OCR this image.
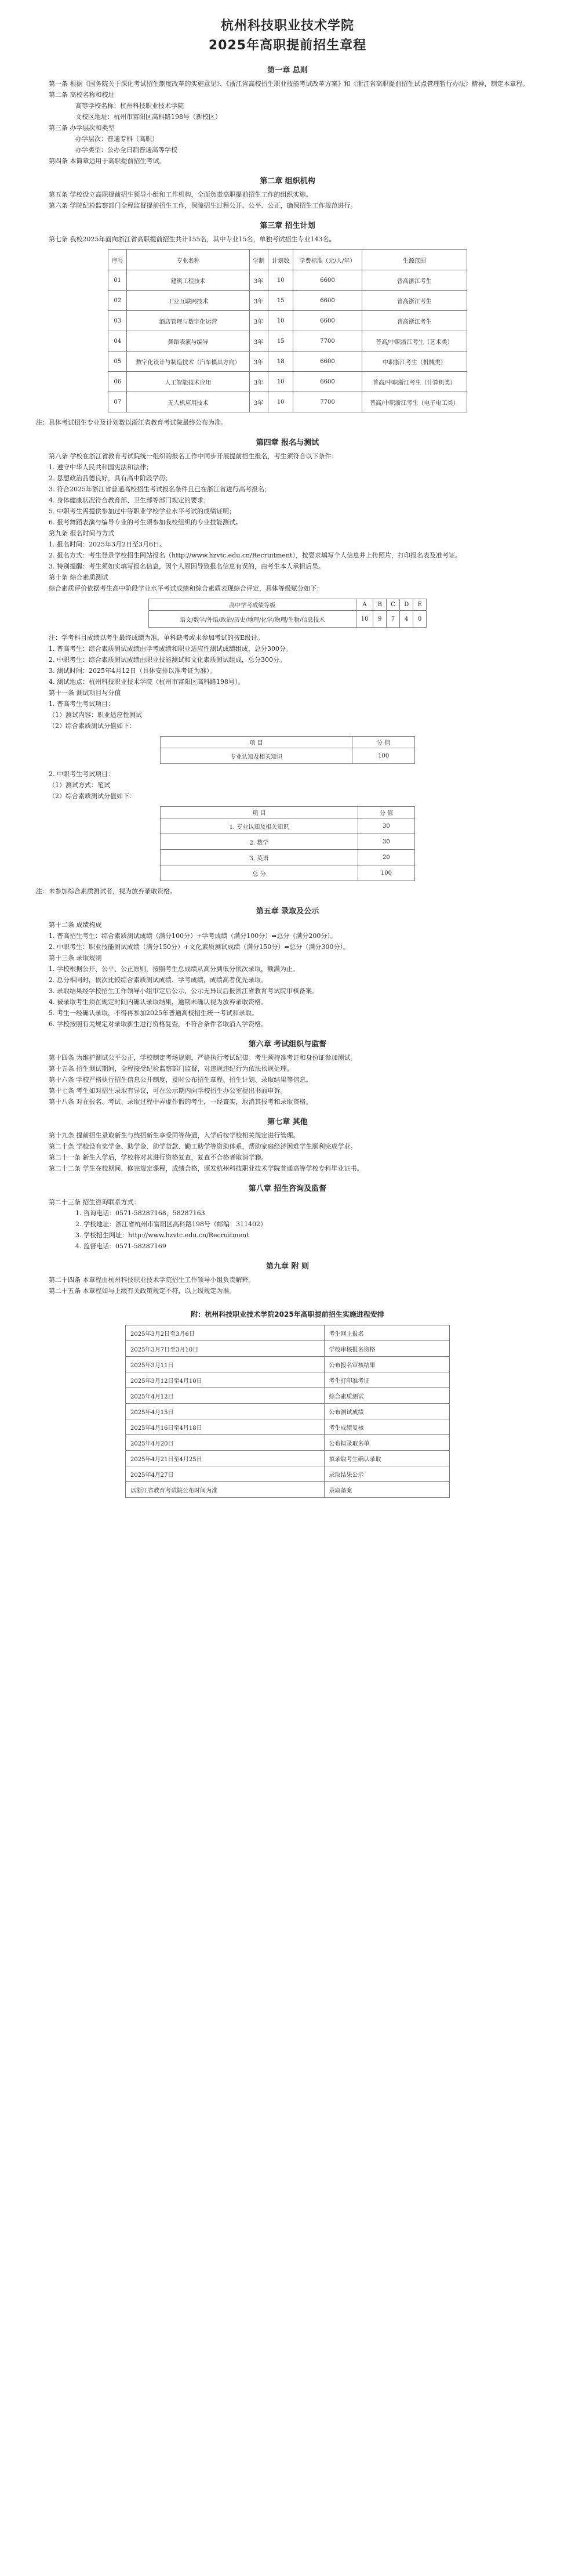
杭州科技职业技术学院
2025年高职提前招生章程
第一章 总则

第一条 根据《国务院关于深化考试招生制度改革的实施意见》、《浙江省高校招生职业技能考试改革方案》和《浙江省高职提前招生试点管理暂行办法》精神，制定本章程。

第二条 高校名称和校址

高等学校名称：杭州科技职业技术学院

文校区地址：杭州市富阳区高科路198号（新校区）

第三条 办学层次和类型

办学层次：普通专科（高职）

办学类型：公办全日制普通高等学校

第四条 本简章适用于高职提前招生考试。

第二章 组织机构

第五条 学校设立高职提前招生领导小组和工作机构，全面负责高职提前招生工作的组织实施。

第六条 学院纪检监察部门全程监督提前招生工作，保障招生过程公开、公平、公正，确保招生工作规范进行。

第三章 招生计划

第七条 我校2025年面向浙江省高职提前招生共计155名，其中专业15名，单独考试招生专业143名。

序号	专业名称	学制	计划数	学费标准（元/人/年）	生源范围
01	建筑工程技术	3年	10	6600	普高浙江考生
02	工业互联网技术	3年	15	6600	普高浙江考生
03	酒店管理与数字化运营	3年	10	6600	普高浙江考生
04	舞蹈表演与编导	3年	15	7700	普高/中职浙江考生（艺术类）
05	数字化设计与制造技术（汽车模具方向）	3年	18	6600	中职浙江考生（机械类）
06	人工智能技术应用	3年	10	6600	普高/中职浙江考生（计算机类）
07	无人机应用技术	3年	10	7700	普高/中职浙江考生（电子电工类）

注：具体考试招生专业及计划数以浙江省教育考试院最终公布为准。

第四章 报名与测试

第八条 学校在浙江省教育考试院统一组织的报名工作中同步开展提前招生报名，考生须符合以下条件：

1. 遵守中华人民共和国宪法和法律；

2. 思想政治品德良好，具有高中阶段学历；

3. 符合2025年浙江省普通高校招生考试报名条件且已在浙江省进行高考报名；

4. 身体健康状况符合教育部、卫生部等部门规定的要求；

5. 中职考生需提供参加过中等职业学校学业水平考试的成绩证明；

6. 报考舞蹈表演与编导专业的考生须参加我校组织的专业技能测试。

第九条 报名时间与方式

1. 报名时间：2025年3月2日至3月6日。

2. 报名方式：考生登录学校招生网站报名（http://www.hzvtc.edu.cn/Recruitment），按要求填写个人信息并上传照片，打印报名表及准考证。

3. 特别提醒：考生须如实填写报名信息，因个人原因导致报名信息有误的，由考生本人承担后果。

第十条 综合素质测试

综合素质评价依据考生高中阶段学业水平考试成绩和综合素质表现综合评定，具体等级赋分如下：

高中学考成绩等级	A	B	C	D	E
语文/数学/外语/政治/历史/地理/化学/物理/生物/信息技术	10	9	7	4	0

注：学考科目成绩以考生最终成绩为准，单科缺考或未参加考试的按E级计。

1. 普高考生：综合素质测试成绩由学考成绩和职业适应性测试成绩组成，总分300分。

2. 中职考生：综合素质测试成绩由职业技能测试和文化素质测试组成，总分300分。

3. 测试时间：2025年4月12日（具体安排以准考证为准）。

4. 测试地点：杭州科技职业技术学院（杭州市富阳区高科路198号）。

第十一条 测试项目与分值

1. 普高考生考试项目：

（1）测试内容：职业适应性测试

（2）综合素质测试分值如下：

项 目	分 值
专业认知及相关知识	100

2. 中职考生考试项目：

（1）测试方式：笔试

（2）综合素质测试分值如下：

项 目	分 值
1. 专业认知及相关知识	30
2. 数学	30
3. 英语	20
总 分	100

注：未参加综合素质测试者，视为放弃录取资格。

第五章 录取及公示

第十二条 成绩构成

1. 普高招生考生：综合素质测试成绩（满分100分）+学考成绩（满分100分）=总分（满分200分）。

2. 中职考生：职业技能测试成绩（满分150分）+文化素质测试成绩（满分150分）=总分（满分300分）。

第十三条 录取规则

1. 学校根据公开、公平、公正原则，按照考生总成绩从高分到低分依次录取，额满为止。

2. 总分相同时，依次比较综合素质测试成绩、学考成绩，成绩高者优先录取。

3. 录取结果经学校招生工作领导小组审定后公示，公示无异议后报浙江省教育考试院审核备案。

4. 被录取考生须在规定时间内确认录取结果，逾期未确认视为放弃录取资格。

5. 考生一经确认录取，不得再参加2025年普通高校招生统一考试和录取。

6. 学校按照有关规定对录取新生进行资格复查，不符合条件者取消入学资格。

第六章 考试组织与监督

第十四条 为维护测试公平公正，学校制定考场规则，严格执行考试纪律。考生须持准考证和身份证参加测试。

第十五条 招生测试期间，全程接受纪检监察部门监督，对违规违纪行为依法依规处理。

第十六条 学校严格执行招生信息公开制度，及时公布招生章程、招生计划、录取结果等信息。

第十七条 考生如对招生录取有异议，可在公示期内向学校招生办公室提出书面申诉。

第十八条 对在报名、考试、录取过程中弄虚作假的考生，一经查实，取消其报考和录取资格。

第七章 其他

第十九条 提前招生录取新生与统招新生享受同等待遇，入学后按学校相关规定进行管理。

第二十条 学校设有奖学金、助学金、助学贷款、勤工助学等资助体系，帮助家庭经济困难学生顺利完成学业。

第二十一条 新生入学后，学校将对其进行资格复查，复查不合格者取消学籍。

第二十二条 学生在校期间，修完规定课程，成绩合格，颁发杭州科技职业技术学院普通高等学校专科毕业证书。

第八章 招生咨询及监督

第二十三条 招生咨询联系方式：

1. 咨询电话：0571-58287168，58287163

2. 学校地址：浙江省杭州市富阳区高科路198号（邮编：311402）

3. 学校招生网址：http://www.hzvtc.edu.cn/Recruitment

4. 监督电话：0571-58287169

第九章 附 则

第二十四条 本章程由杭州科技职业技术学院招生工作领导小组负责解释。

第二十五条 本章程如与上级有关政策规定不符，以上级规定为准。

附：杭州科技职业技术学院2025年高职提前招生实施进程安排
2025年3月2日至3月6日	考生网上报名
2025年3月7日至3月10日	学校审核报名资格
2025年3月11日	公布报名审核结果
2025年3月12日至4月10日	考生打印准考证
2025年4月12日	综合素质测试
2025年4月15日	公布测试成绩
2025年4月16日至4月18日	考生成绩复核
2025年4月20日	公布拟录取名单
2025年4月21日至4月25日	拟录取考生确认录取
2025年4月27日	录取结果公示
以浙江省教育考试院公布时间为准	录取备案
